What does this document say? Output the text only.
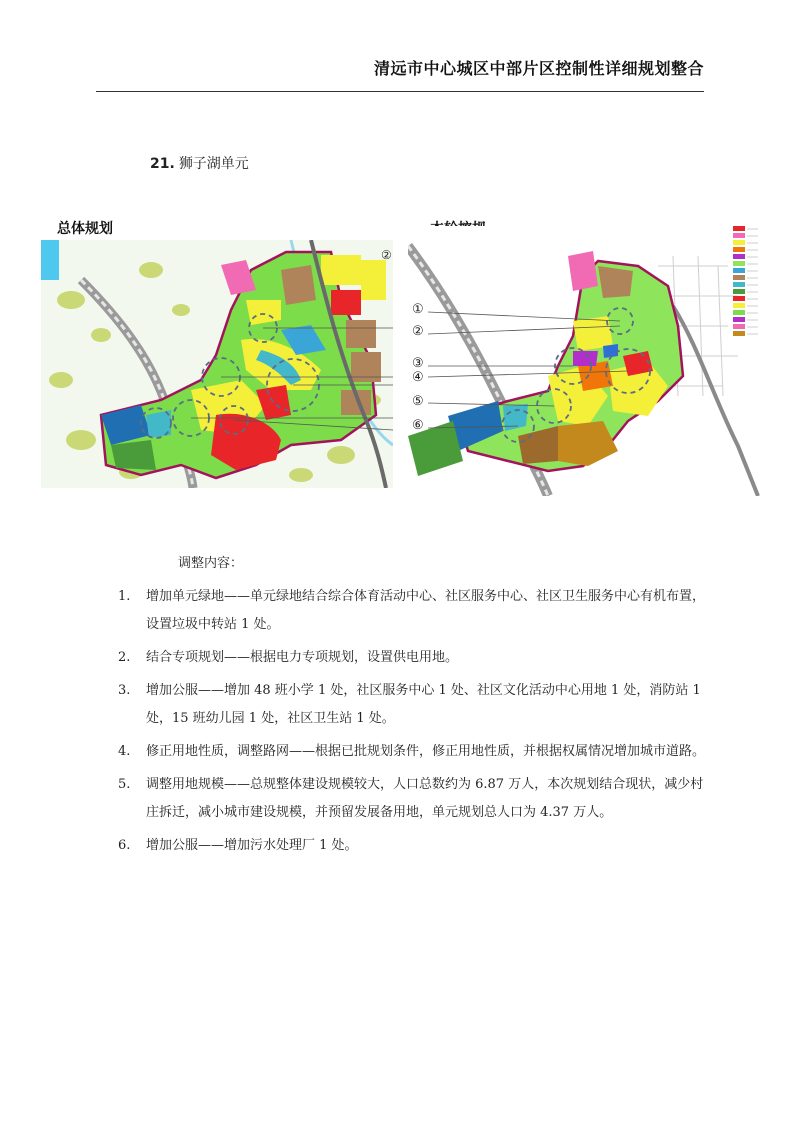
清远市中心城区中部片区控制性详细规划整合
21. 狮子湖单元
总体规划
②
①
②
③
④
⑤
⑥
调整内容：
1. 增加单元绿地——单元绿地结合综合体育活动中心、社区服务中心、社区卫生服务中心有机布置，设置垃圾中转站 1 处。
2. 结合专项规划——根据电力专项规划，设置供电用地。
3. 增加公服——增加 48 班小学 1 处，社区服务中心 1 处、社区文化活动中心用地 1 处，消防站 1 处，15 班幼儿园 1 处，社区卫生站 1 处。
4. 修正用地性质，调整路网——根据已批规划条件，修正用地性质，并根据权属情况增加城市道路。
5. 调整用地规模——总规整体建设规模较大，人口总数约为 6.87 万人，本次规划结合现状，减少村庄拆迁，减小城市建设规模，并预留发展备用地，单元规划总人口为 4.37 万人。
6. 增加公服——增加污水处理厂 1 处。
